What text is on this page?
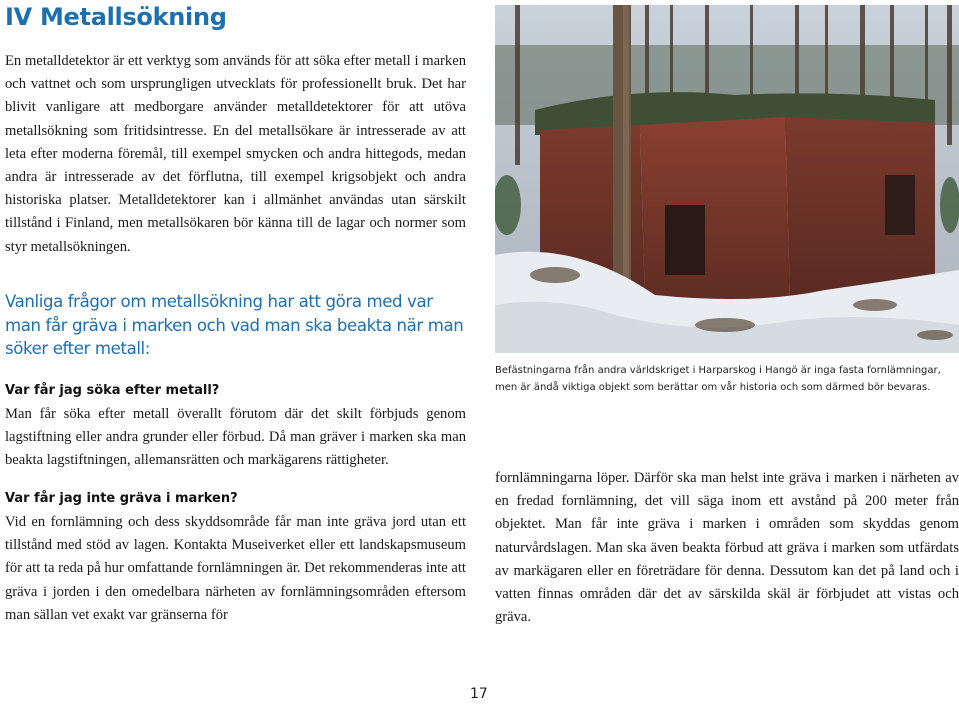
IV Metallsökning

En metalldetektor är ett verktyg som används för att söka efter metall i marken och vattnet och som ursprungligen utvecklats för professionellt bruk. Det har blivit vanligare att medborgare använder metalldetektorer för att utöva metallsökning som fritidsintresse. En del metallsökare är intresserade av att leta efter moderna föremål, till exempel smycken och andra hittegods, medan andra är intresserade av det förflutna, till exempel krigsobjekt och andra historiska platser. Metalldetektorer kan i allmänhet användas utan särskilt tillstånd i Finland, men metallsökaren bör känna till de lagar och normer som styr metallsökningen.

Vanliga frågor om metallsökning har att göra med var man får gräva i marken och vad man ska beakta när man söker efter metall:

Var får jag söka efter metall?

Man får söka efter metall överallt förutom där det skilt förbjuds genom lagstiftning eller andra grunder eller förbud. Då man gräver i marken ska man beakta lagstiftningen, allemansrätten och markägarens rättigheter.

Var får jag inte gräva i marken?

Vid en fornlämning och dess skyddsområde får man inte gräva jord utan ett tillstånd med stöd av lagen. Kontakta Museiverket eller ett landskapsmuseum för att ta reda på hur omfattande fornlämningen är. Det rekommenderas inte att gräva i jorden i den omedelbara närheten av fornlämningsområden eftersom man sällan vet exakt var gränserna för

Befästningarna från andra världskriget i Harparskog i Hangö är inga fasta fornlämningar, men är ändå viktiga objekt som berättar om vår historia och som därmed bör bevaras.

fornlämningarna löper. Därför ska man helst inte gräva i marken i närheten av en fredad fornlämning, det vill säga inom ett avstånd på 200 meter från objektet. Man får inte gräva i marken i områden som skyddas genom naturvårdslagen. Man ska även beakta förbud att gräva i marken som utfärdats av markägaren eller en företrädare för denna. Dessutom kan det på land och i vatten finnas områden där det av särskilda skäl är förbjudet att vistas och gräva.

17
